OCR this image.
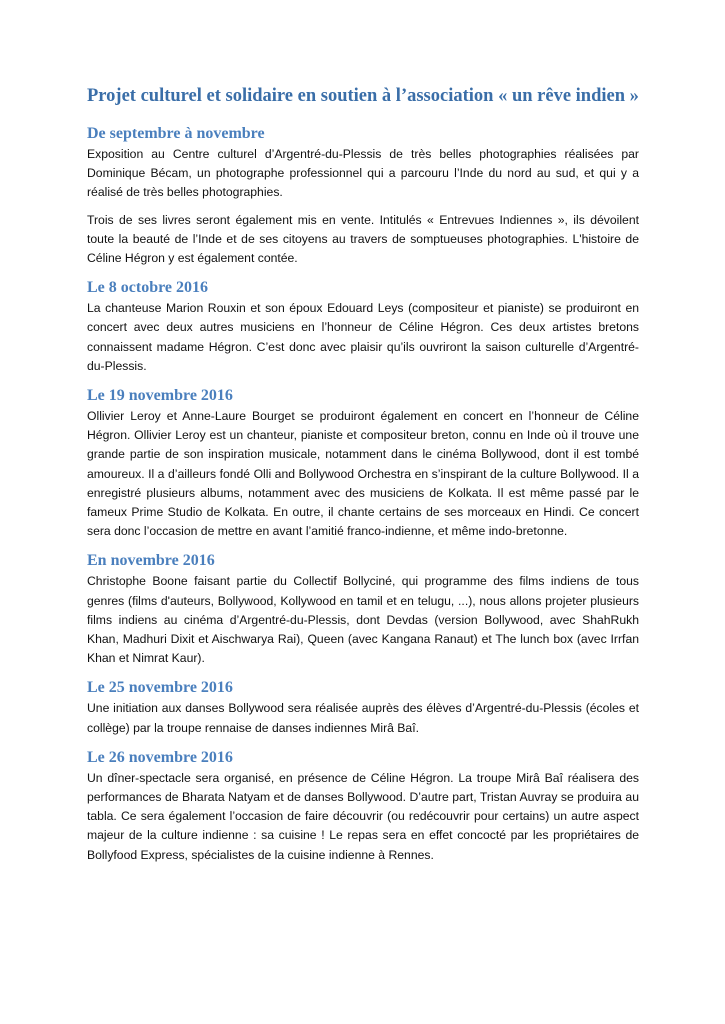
Projet culturel et solidaire en soutien à l’association « un rêve indien »
De septembre à novembre

Exposition au Centre culturel d’Argentré-du-Plessis de très belles photographies réalisées par Dominique Bécam, un photographe professionnel qui a parcouru l’Inde du nord au sud, et qui y a réalisé de très belles photographies.

Trois de ses livres seront également mis en vente. Intitulés « Entrevues Indiennes », ils dévoilent toute la beauté de l’Inde et de ses citoyens au travers de somptueuses photographies. L'histoire de Céline Hégron y est également contée.

Le 8 octobre 2016

La chanteuse Marion Rouxin et son époux Edouard Leys (compositeur et pianiste) se produiront en concert avec deux autres musiciens en l’honneur de Céline Hégron. Ces deux artistes bretons connaissent madame Hégron. C’est donc avec plaisir qu’ils ouvriront la saison culturelle d’Argentré-du-Plessis.

Le 19 novembre 2016

Ollivier Leroy et Anne-Laure Bourget se produiront également en concert en l’honneur de Céline Hégron. Ollivier Leroy est un chanteur, pianiste et compositeur breton, connu en Inde où il trouve une grande partie de son inspiration musicale, notamment dans le cinéma Bollywood, dont il est tombé amoureux. Il a d’ailleurs fondé Olli and Bollywood Orchestra en s’inspirant de la culture Bollywood. Il a enregistré plusieurs albums, notamment avec des musiciens de Kolkata. Il est même passé par le fameux Prime Studio de Kolkata. En outre, il chante certains de ses morceaux en Hindi. Ce concert sera donc l’occasion de mettre en avant l’amitié franco-indienne, et même indo-bretonne.

En novembre 2016

Christophe Boone faisant partie du Collectif Bollyciné, qui programme des films indiens de tous genres (films d'auteurs, Bollywood, Kollywood en tamil et en telugu, ...), nous allons projeter plusieurs films indiens au cinéma d’Argentré-du-Plessis, dont Devdas (version Bollywood, avec ShahRukh Khan, Madhuri Dixit et Aischwarya Rai), Queen (avec Kangana Ranaut) et The lunch box (avec Irrfan Khan et Nimrat Kaur).

Le 25 novembre 2016

Une initiation aux danses Bollywood sera réalisée auprès des élèves d’Argentré-du-Plessis (écoles et collège) par la troupe rennaise de danses indiennes Mirâ Baî.

Le 26 novembre 2016

Un dîner-spectacle sera organisé, en présence de Céline Hégron. La troupe Mirâ Baî réalisera des performances de Bharata Natyam et de danses Bollywood. D’autre part, Tristan Auvray se produira au tabla. Ce sera également l’occasion de faire découvrir (ou redécouvrir pour certains) un autre aspect majeur de la culture indienne : sa cuisine ! Le repas sera en effet concocté par les propriétaires de Bollyfood Express, spécialistes de la cuisine indienne à Rennes.
